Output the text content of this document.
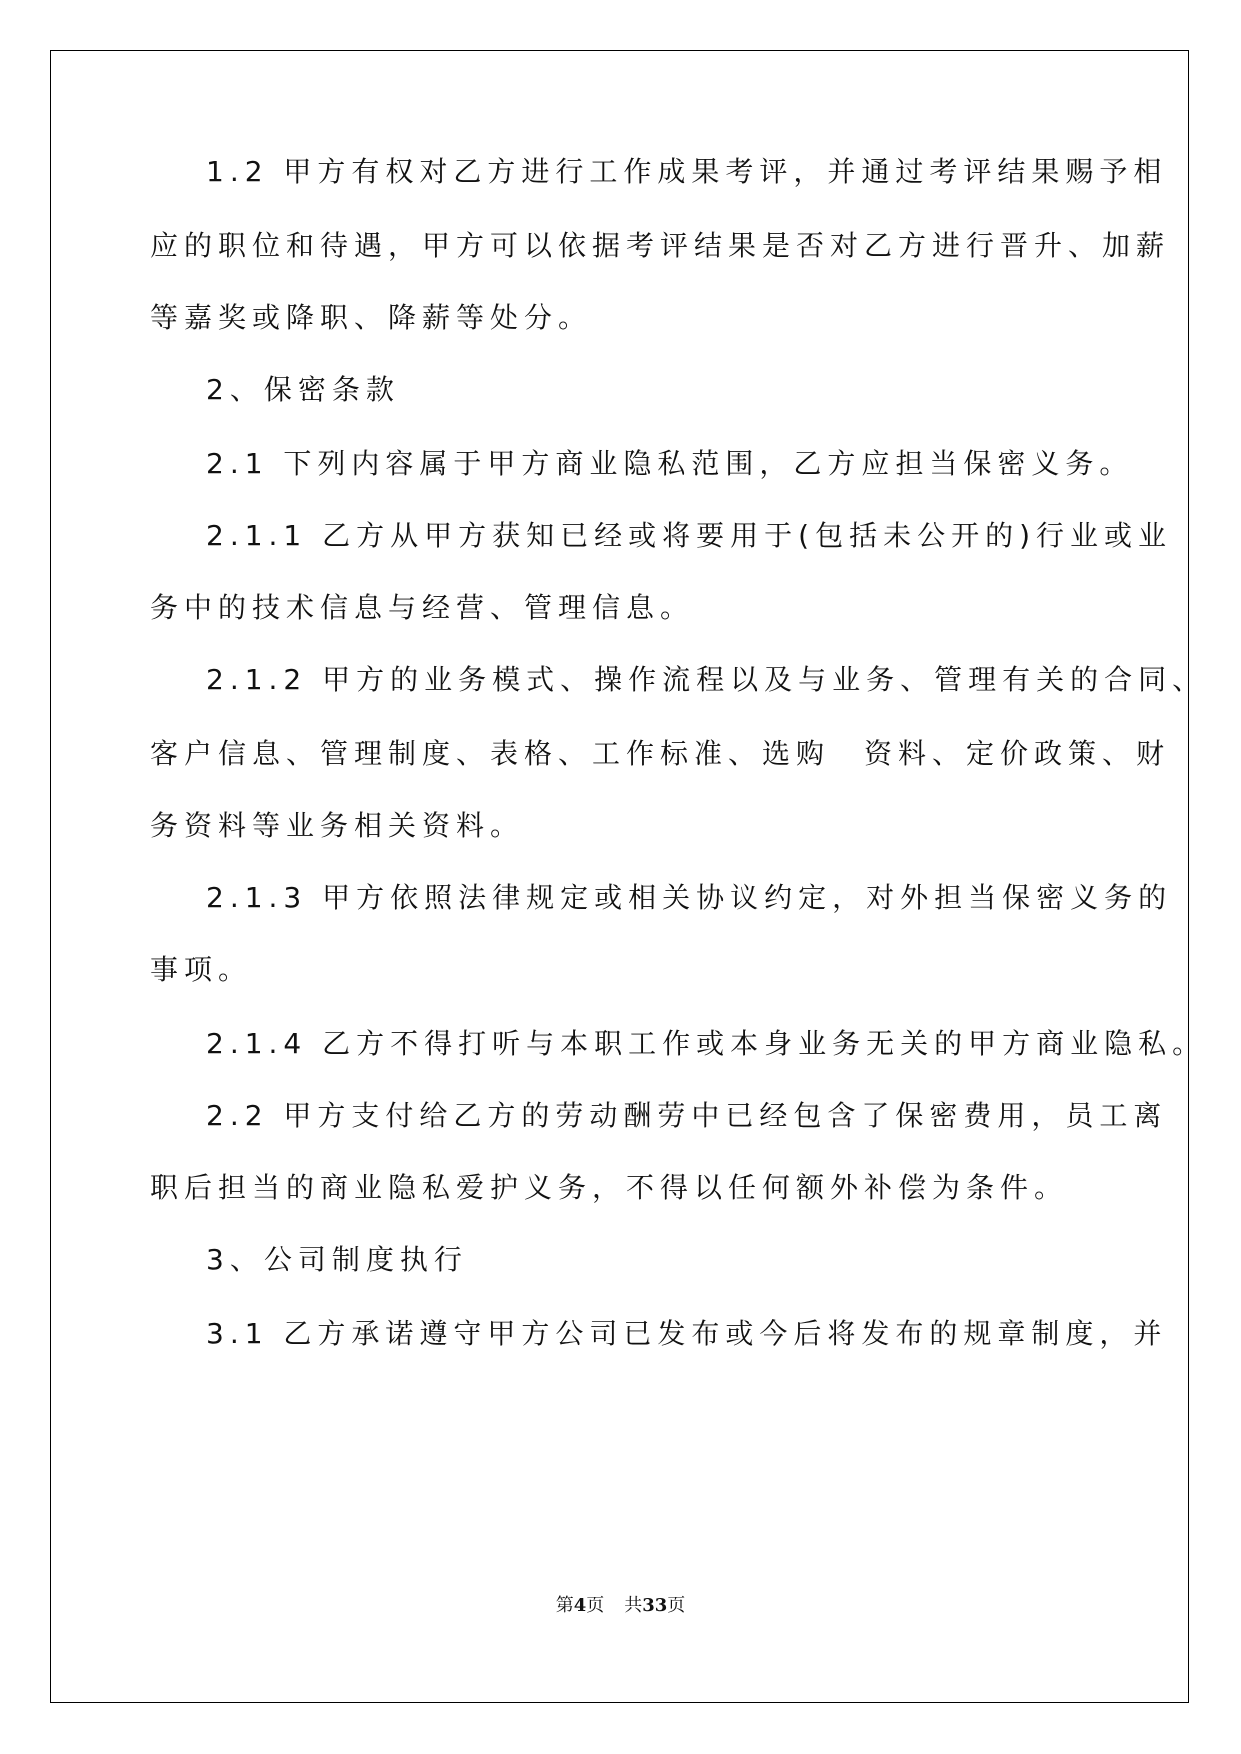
1.2 甲方有权对乙方进行工作成果考评，并通过考评结果赐予相
应的职位和待遇，甲方可以依据考评结果是否对乙方进行晋升、加薪
等嘉奖或降职、降薪等处分。
2、保密条款
2.1 下列内容属于甲方商业隐私范围，乙方应担当保密义务。
2.1.1 乙方从甲方获知已经或将要用于(包括未公开的)行业或业
务中的技术信息与经营、管理信息。
2.1.2 甲方的业务模式、操作流程以及与业务、管理有关的合同、
客户信息、管理制度、表格、工作标准、选购　资料、定价政策、财
务资料等业务相关资料。
2.1.3 甲方依照法律规定或相关协议约定，对外担当保密义务的
事项。
2.1.4 乙方不得打听与本职工作或本身业务无关的甲方商业隐私。
2.2 甲方支付给乙方的劳动酬劳中已经包含了保密费用，员工离
职后担当的商业隐私爱护义务，不得以任何额外补偿为条件。
3、公司制度执行
3.1 乙方承诺遵守甲方公司已发布或今后将发布的规章制度，并
第4页 共33页
